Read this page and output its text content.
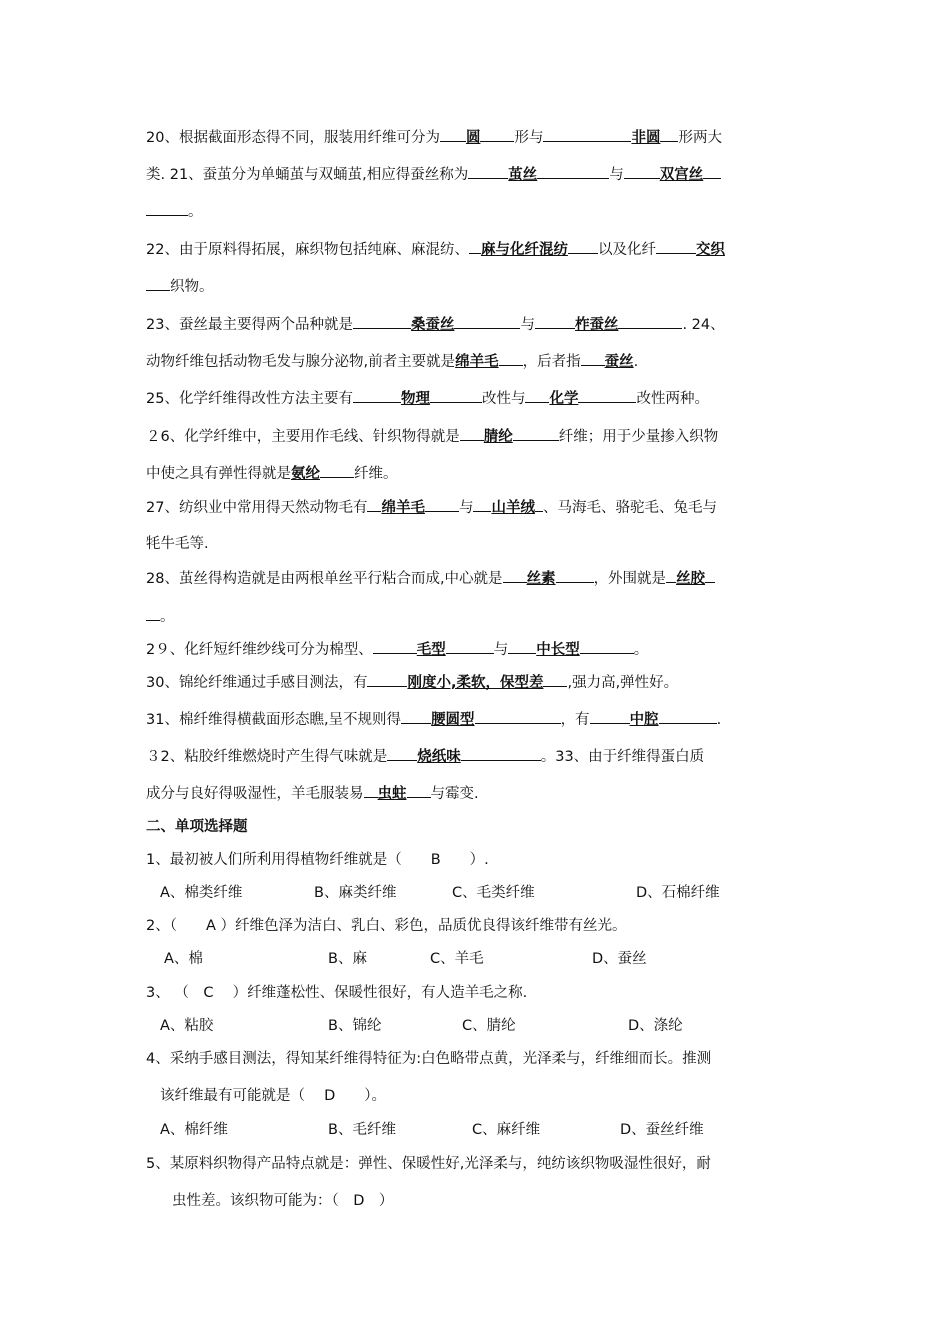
20、根据截面形态得不同，服装用纤维可分为 圆 形与	非圆 形两大
类. 21﻿、蚕茧分为单蛹茧与双蛹茧,相应得蚕丝称为	茧丝	与 双宫丝
。
22、由于原料得拓展，麻织物包括纯麻、麻混纺、 麻与化纤混纺 以及化纤	交织
织物。
23、蚕丝最主要得两个品种就是	桑蚕丝	与	柞蚕丝	. 24﻿、
动物纤维包括动物毛发与腺分泌物,前者主要就是绵羊毛 ，后者指 蚕丝.
25、化学纤维得改性方法主要有	物理	改性与 化学	改性两种。
２6、化学纤维中，主要用作毛线、针织物得就是 腈纶	纤维；用于少量掺入织物
中使之具有弹性得就是氨纶 纤维。
27、纺织业中常用得天然动物毛有 绵羊毛 与 山羊绒 、马海毛、骆驼毛、兔毛与
牦牛毛等.
28、茧丝得构造就是由两根单丝平行粘合而成,中心就是 丝素	，外围就是 丝胶
。
2９、化纤短纤维纱线可分为棉型、	毛型	与 中长型	。
30、锦纶纤维通过手感目测法，有	刚度小,柔软，保型差 ,强力高,弹性好。
31、棉纤维得横截面形态瞧,呈不规则得 腰圆型	，有	中腔	.
３2﻿、粘胶纤维燃烧时产生得气味就是 烧纸味	。33﻿、由于纤维得蛋白质
成分与良好得吸湿性，羊毛服装易 虫蛀 与霉变.
二、单项选择题
1、最初被人们所利用得植物纤维就是（　　B　　）.
A、棉类纤维	B、麻类纤维	C、毛类纤维	D、石棉纤维
2、（　　A ）纤维色泽为洁白、乳白、彩色，品质优良得该纤维带有丝光。
A、棉	B、麻	C、羊毛	D、蚕丝
3、 （　C　 ）纤维蓬松性、保暖性很好，有人造羊毛之称.
A、粘胶	B、锦纶	C、腈纶	D、涤纶
4、采纳手感目测法，得知某纤维得特征为:白色略带点黄，光泽柔与，纤维细而长。推测
该纤维最有可能就是（　 D　　）。
A、棉纤维	B、毛纤维	C、麻纤维	D、蚕丝纤维
5、某原料织物得产品特点就是：弹性、保暖性好,光泽柔与，纯纺该织物吸湿性很好，耐
虫性差。该织物可能为：（　D　）
